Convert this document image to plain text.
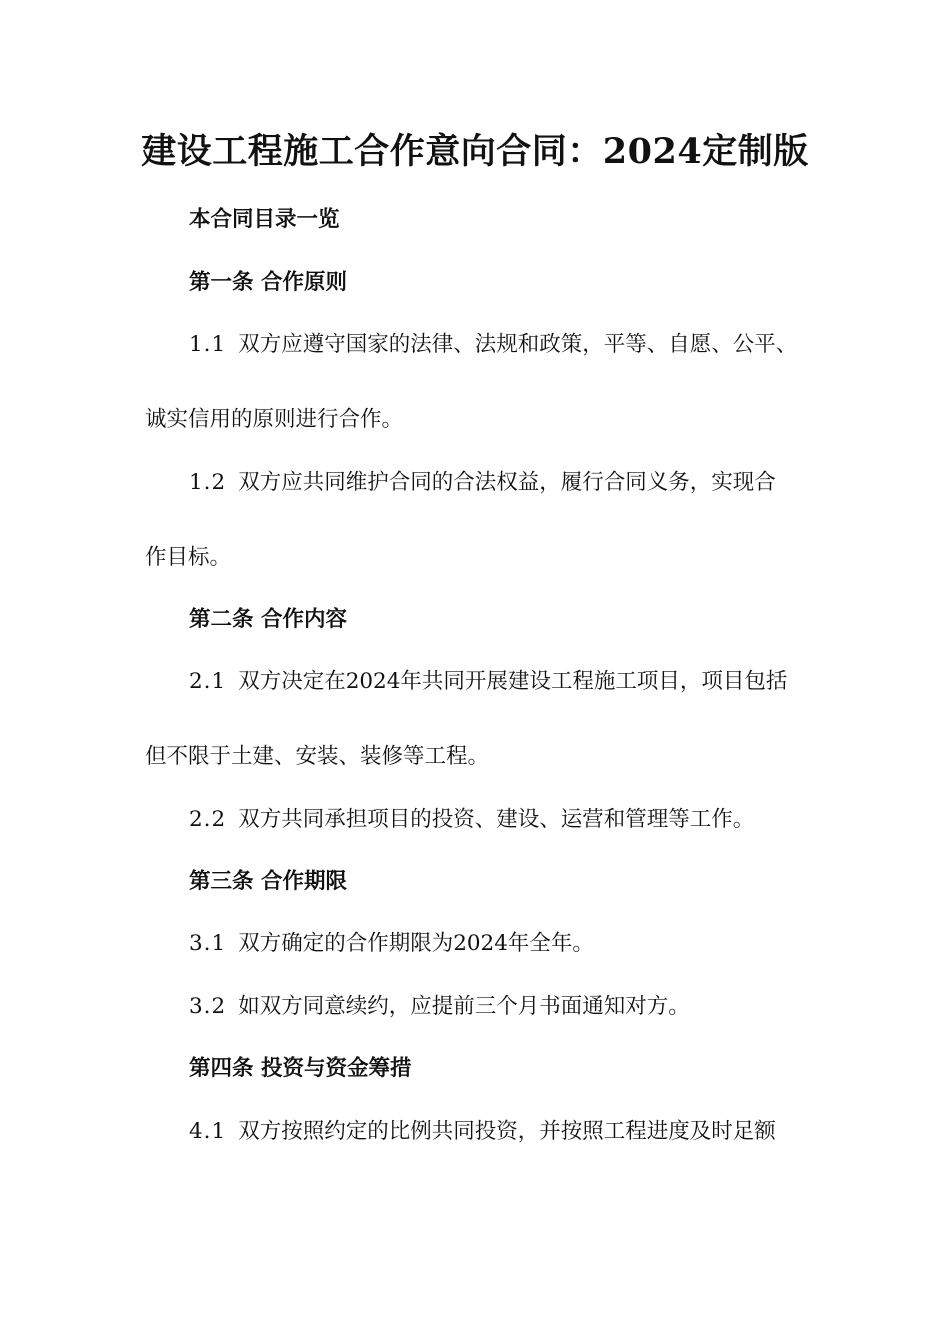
建设工程施工合作意向合同：2024定制版
本合同目录一览
第一条 合作原则
1.1 双方应遵守国家的法律、法规和政策，平等、自愿、公平、
诚实信用的原则进行合作。
1.2 双方应共同维护合同的合法权益，履行合同义务，实现合
作目标。
第二条 合作内容
2.1 双方决定在2024年共同开展建设工程施工项目，项目包括
但不限于土建、安装、装修等工程。
2.2 双方共同承担项目的投资、建设、运营和管理等工作。
第三条 合作期限
3.1 双方确定的合作期限为2024年全年。
3.2 如双方同意续约，应提前三个月书面通知对方。
第四条 投资与资金筹措
4.1 双方按照约定的比例共同投资，并按照工程进度及时足额
